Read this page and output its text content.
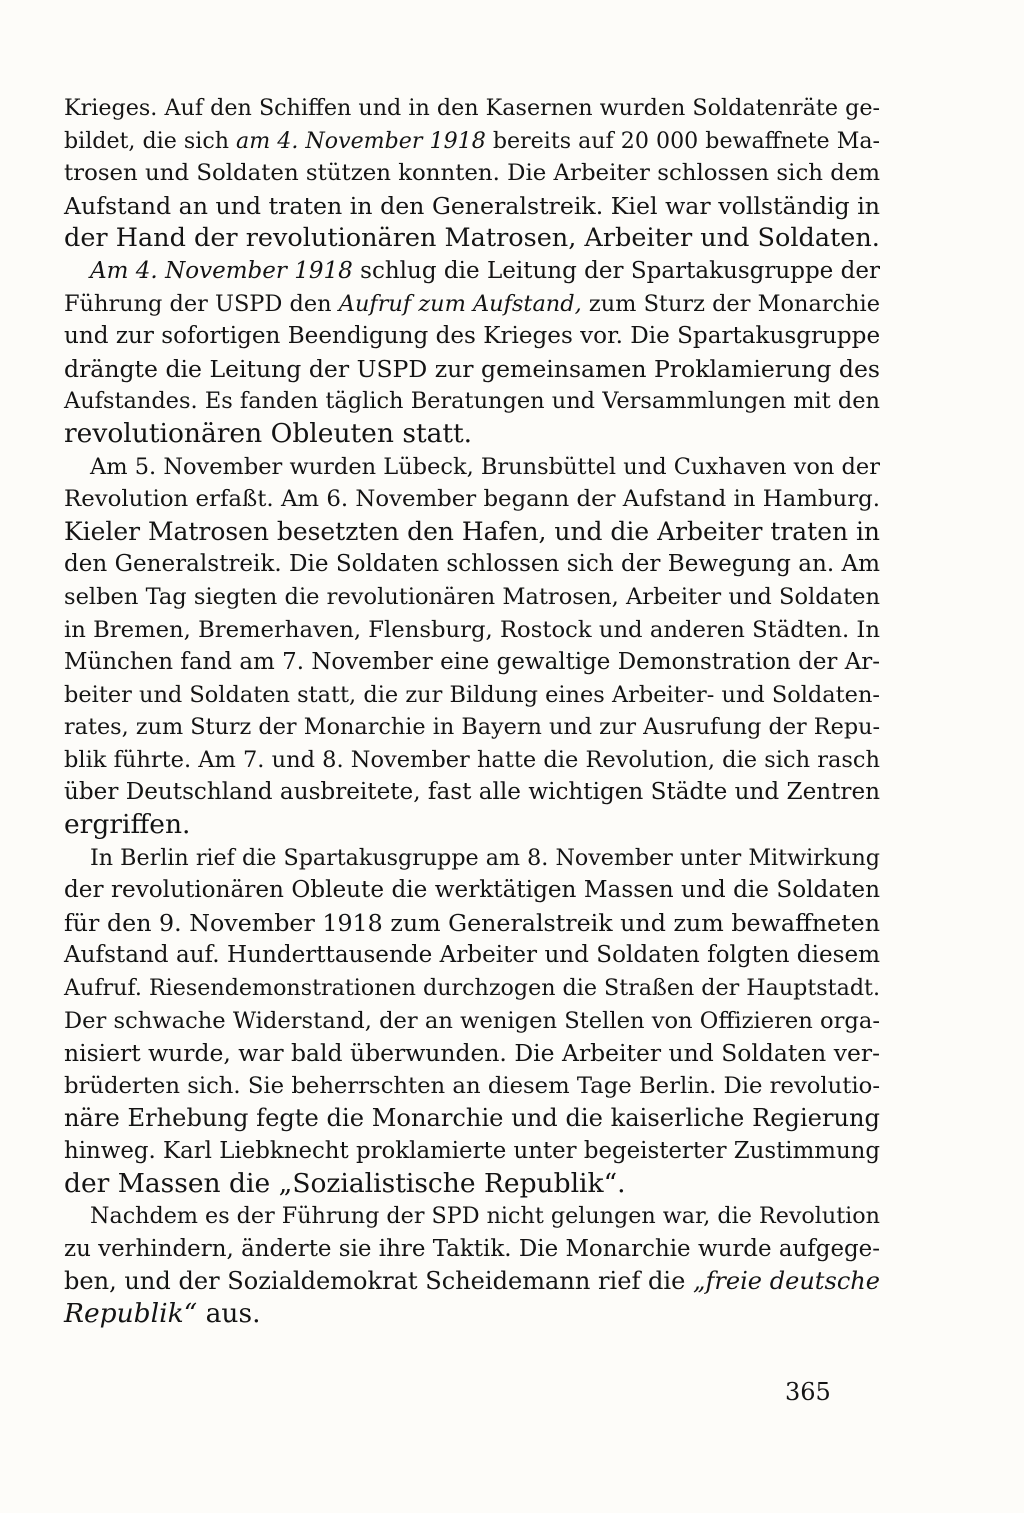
Krieges. Auf den Schiffen und in den Kasernen wurden Soldatenräte ge-
bildet, die sich am 4. November 1918 bereits auf 20 000 bewaffnete Ma-
trosen und Soldaten stützen konnten. Die Arbeiter schlossen sich dem
Aufstand an und traten in den Generalstreik. Kiel war vollständig in
der Hand der revolutionären Matrosen, Arbeiter und Soldaten.
Am 4. November 1918 schlug die Leitung der Spartakusgruppe der
Führung der USPD den Aufruf zum Aufstand, zum Sturz der Monarchie
und zur sofortigen Beendigung des Krieges vor. Die Spartakusgruppe
drängte die Leitung der USPD zur gemeinsamen Proklamierung des
Aufstandes. Es fanden täglich Beratungen und Versammlungen mit den
revolutionären Obleuten statt.
Am 5. November wurden Lübeck, Brunsbüttel und Cuxhaven von der
Revolution erfaßt. Am 6. November begann der Aufstand in Hamburg.
Kieler Matrosen besetzten den Hafen, und die Arbeiter traten in
den Generalstreik. Die Soldaten schlossen sich der Bewegung an. Am
selben Tag siegten die revolutionären Matrosen, Arbeiter und Soldaten
in Bremen, Bremerhaven, Flensburg, Rostock und anderen Städten. In
München fand am 7. November eine gewaltige Demonstration der Ar-
beiter und Soldaten statt, die zur Bildung eines Arbeiter- und Soldaten-
rates, zum Sturz der Monarchie in Bayern und zur Ausrufung der Repu-
blik führte. Am 7. und 8. November hatte die Revolution, die sich rasch
über Deutschland ausbreitete, fast alle wichtigen Städte und Zentren
ergriffen.
In Berlin rief die Spartakusgruppe am 8. November unter Mitwirkung
der revolutionären Obleute die werktätigen Massen und die Soldaten
für den 9. November 1918 zum Generalstreik und zum bewaffneten
Aufstand auf. Hunderttausende Arbeiter und Soldaten folgten diesem
Aufruf. Riesendemonstrationen durchzogen die Straßen der Hauptstadt.
Der schwache Widerstand, der an wenigen Stellen von Offizieren orga-
nisiert wurde, war bald überwunden. Die Arbeiter und Soldaten ver-
brüderten sich. Sie beherrschten an diesem Tage Berlin. Die revolutio-
näre Erhebung fegte die Monarchie und die kaiserliche Regierung
hinweg. Karl Liebknecht proklamierte unter begeisterter Zustimmung
der Massen die „Sozialistische Republik“.
Nachdem es der Führung der SPD nicht gelungen war, die Revolution
zu verhindern, änderte sie ihre Taktik. Die Monarchie wurde aufgege-
ben, und der Sozialdemokrat Scheidemann rief die „freie deutsche
Republik“ aus.
365
